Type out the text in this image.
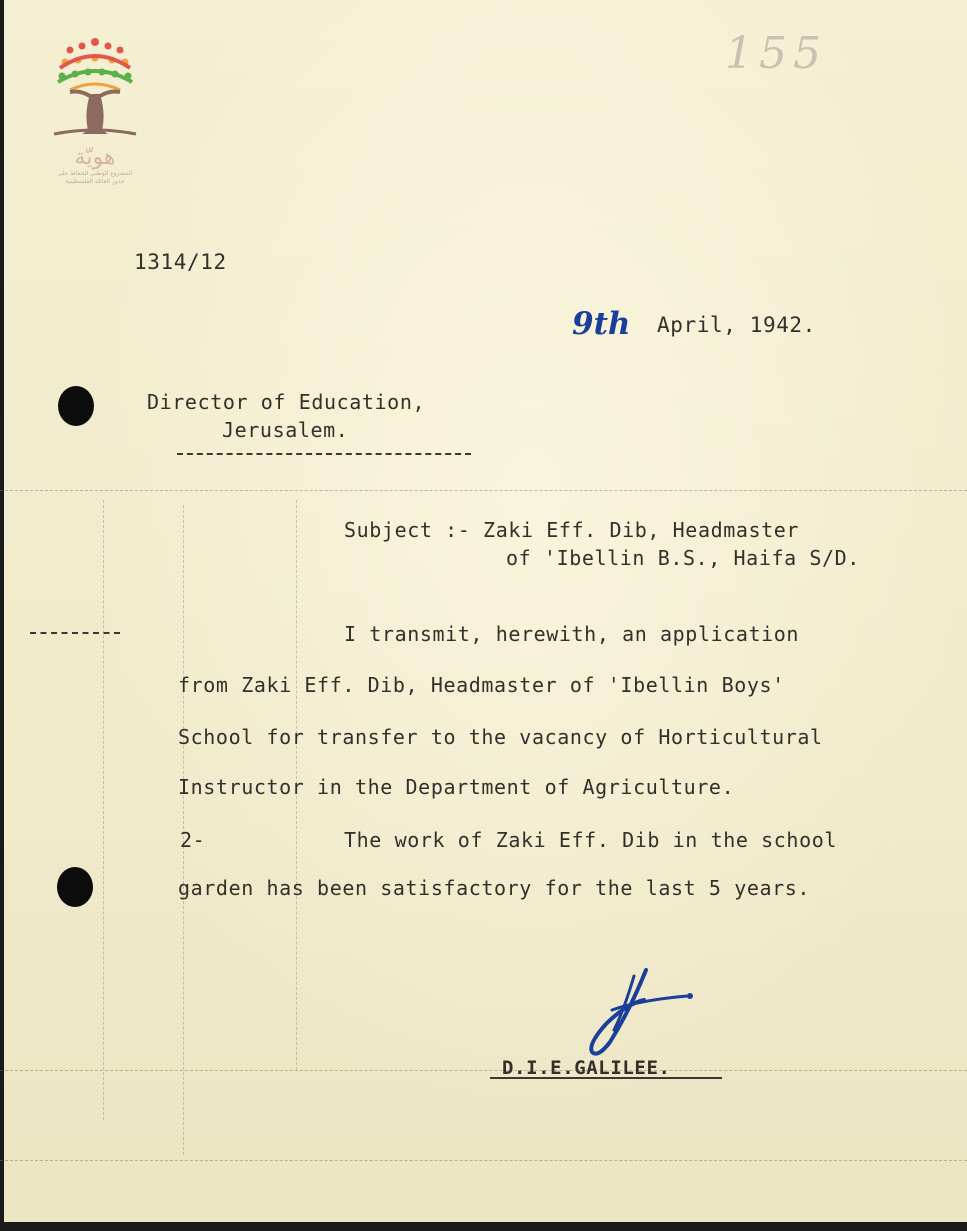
هويّة
المشروع الوطني للحفاظ على
جذور العائلة الفلسطينية
155
1314/12
9th April, 1942.
Director of Education,
Jerusalem.
Subject :- Zaki Eff. Dib, Headmaster
of 'Ibellin B.S., Haifa S/D.
I transmit, herewith, an application
from Zaki Eff. Dib, Headmaster of 'Ibellin Boys'
School for transfer to the vacancy of Horticultural
Instructor in the Department of Agriculture.
2-	The work of Zaki Eff. Dib in the school
garden has been satisfactory for the last 5 years.
D.I.E.GALILEE.
